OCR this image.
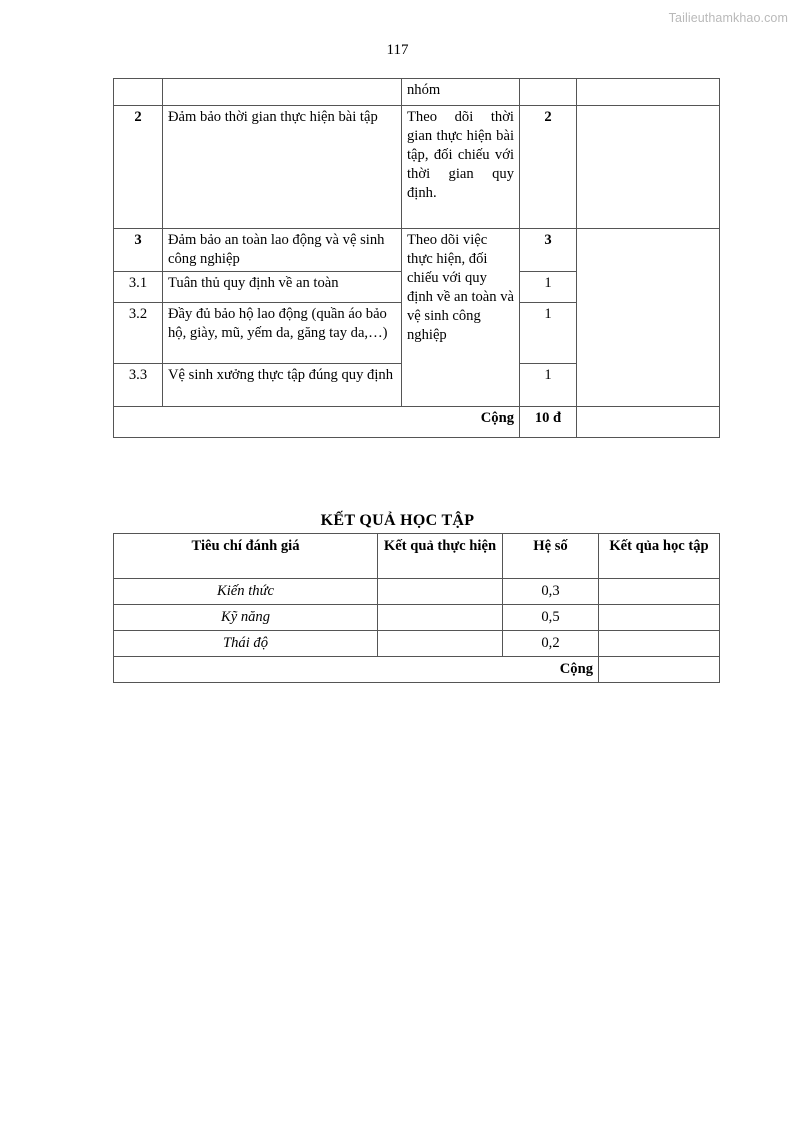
Tailieuthamkhao.com
117
		nhóm		
2	Đảm bảo thời gian thực hiện bài tập	Theo dõi thời gian thực hiện bài tập, đối chiếu với thời gian quy định.	2	
3	Đảm bảo an toàn lao động và vệ sinh công nghiệp	Theo dõi việc thực hiện, đối chiếu với quy định về an toàn và vệ sinh công nghiệp	3	
3.1	Tuân thủ quy định về an toàn		1	
3.2	Đầy đủ bảo hộ lao động (quần áo bảo hộ, giày, mũ, yếm da, găng tay da,…)		1	
3.3	Vệ sinh xưởng thực tập đúng quy định		1	
Cộng			10 đ	
KẾT QUẢ HỌC TẬP
Tiêu chí đánh giá	Kết quả thực hiện	Hệ số	Kết qủa học tập
Kiến thức		0,3	
Kỹ năng		0,5	
Thái độ		0,2	
Cộng			
